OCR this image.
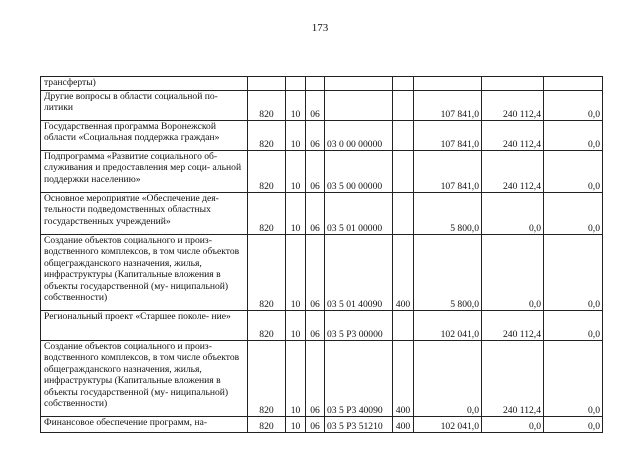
173
трансферты)								
Другие вопросы в области социальной по- литики	820	10	06			107 841,0	240 112,4	0,0
Государственная программа Воронежской области «Социальная поддержка граждан»	820	10	06	03 0 00 00000		107 841,0	240 112,4	0,0
Подпрограмма «Развитие социального об- служивания и предоставления мер соци- альной поддержки населению»	820	10	06	03 5 00 00000		107 841,0	240 112,4	0,0
Основное мероприятие «Обеспечение дея- тельности подведомственных областных государственных учреждений»	820	10	06	03 5 01 00000		5 800,0	0,0	0,0
Создание объектов социального и произ- водственного комплексов, в том числе объектов общегражданского назначения, жилья, инфраструктуры (Капитальные вложения в объекты государственной (му- ниципальной) собственности)	820	10	06	03 5 01 40090	400	5 800,0	0,0	0,0
Региональный проект «Старшее поколе- ние»	820	10	06	03 5 P3 00000		102 041,0	240 112,4	0,0
Создание объектов социального и произ- водственного комплексов, в том числе объектов общегражданского назначения, жилья, инфраструктуры (Капитальные вложения в объекты государственной (му- ниципальной) собственности)	820	10	06	03 5 P3 40090	400	0,0	240 112,4	0,0
Финансовое обеспечение программ, на-	820	10	06	03 5 P3 51210	400	102 041,0	0,0	0,0
